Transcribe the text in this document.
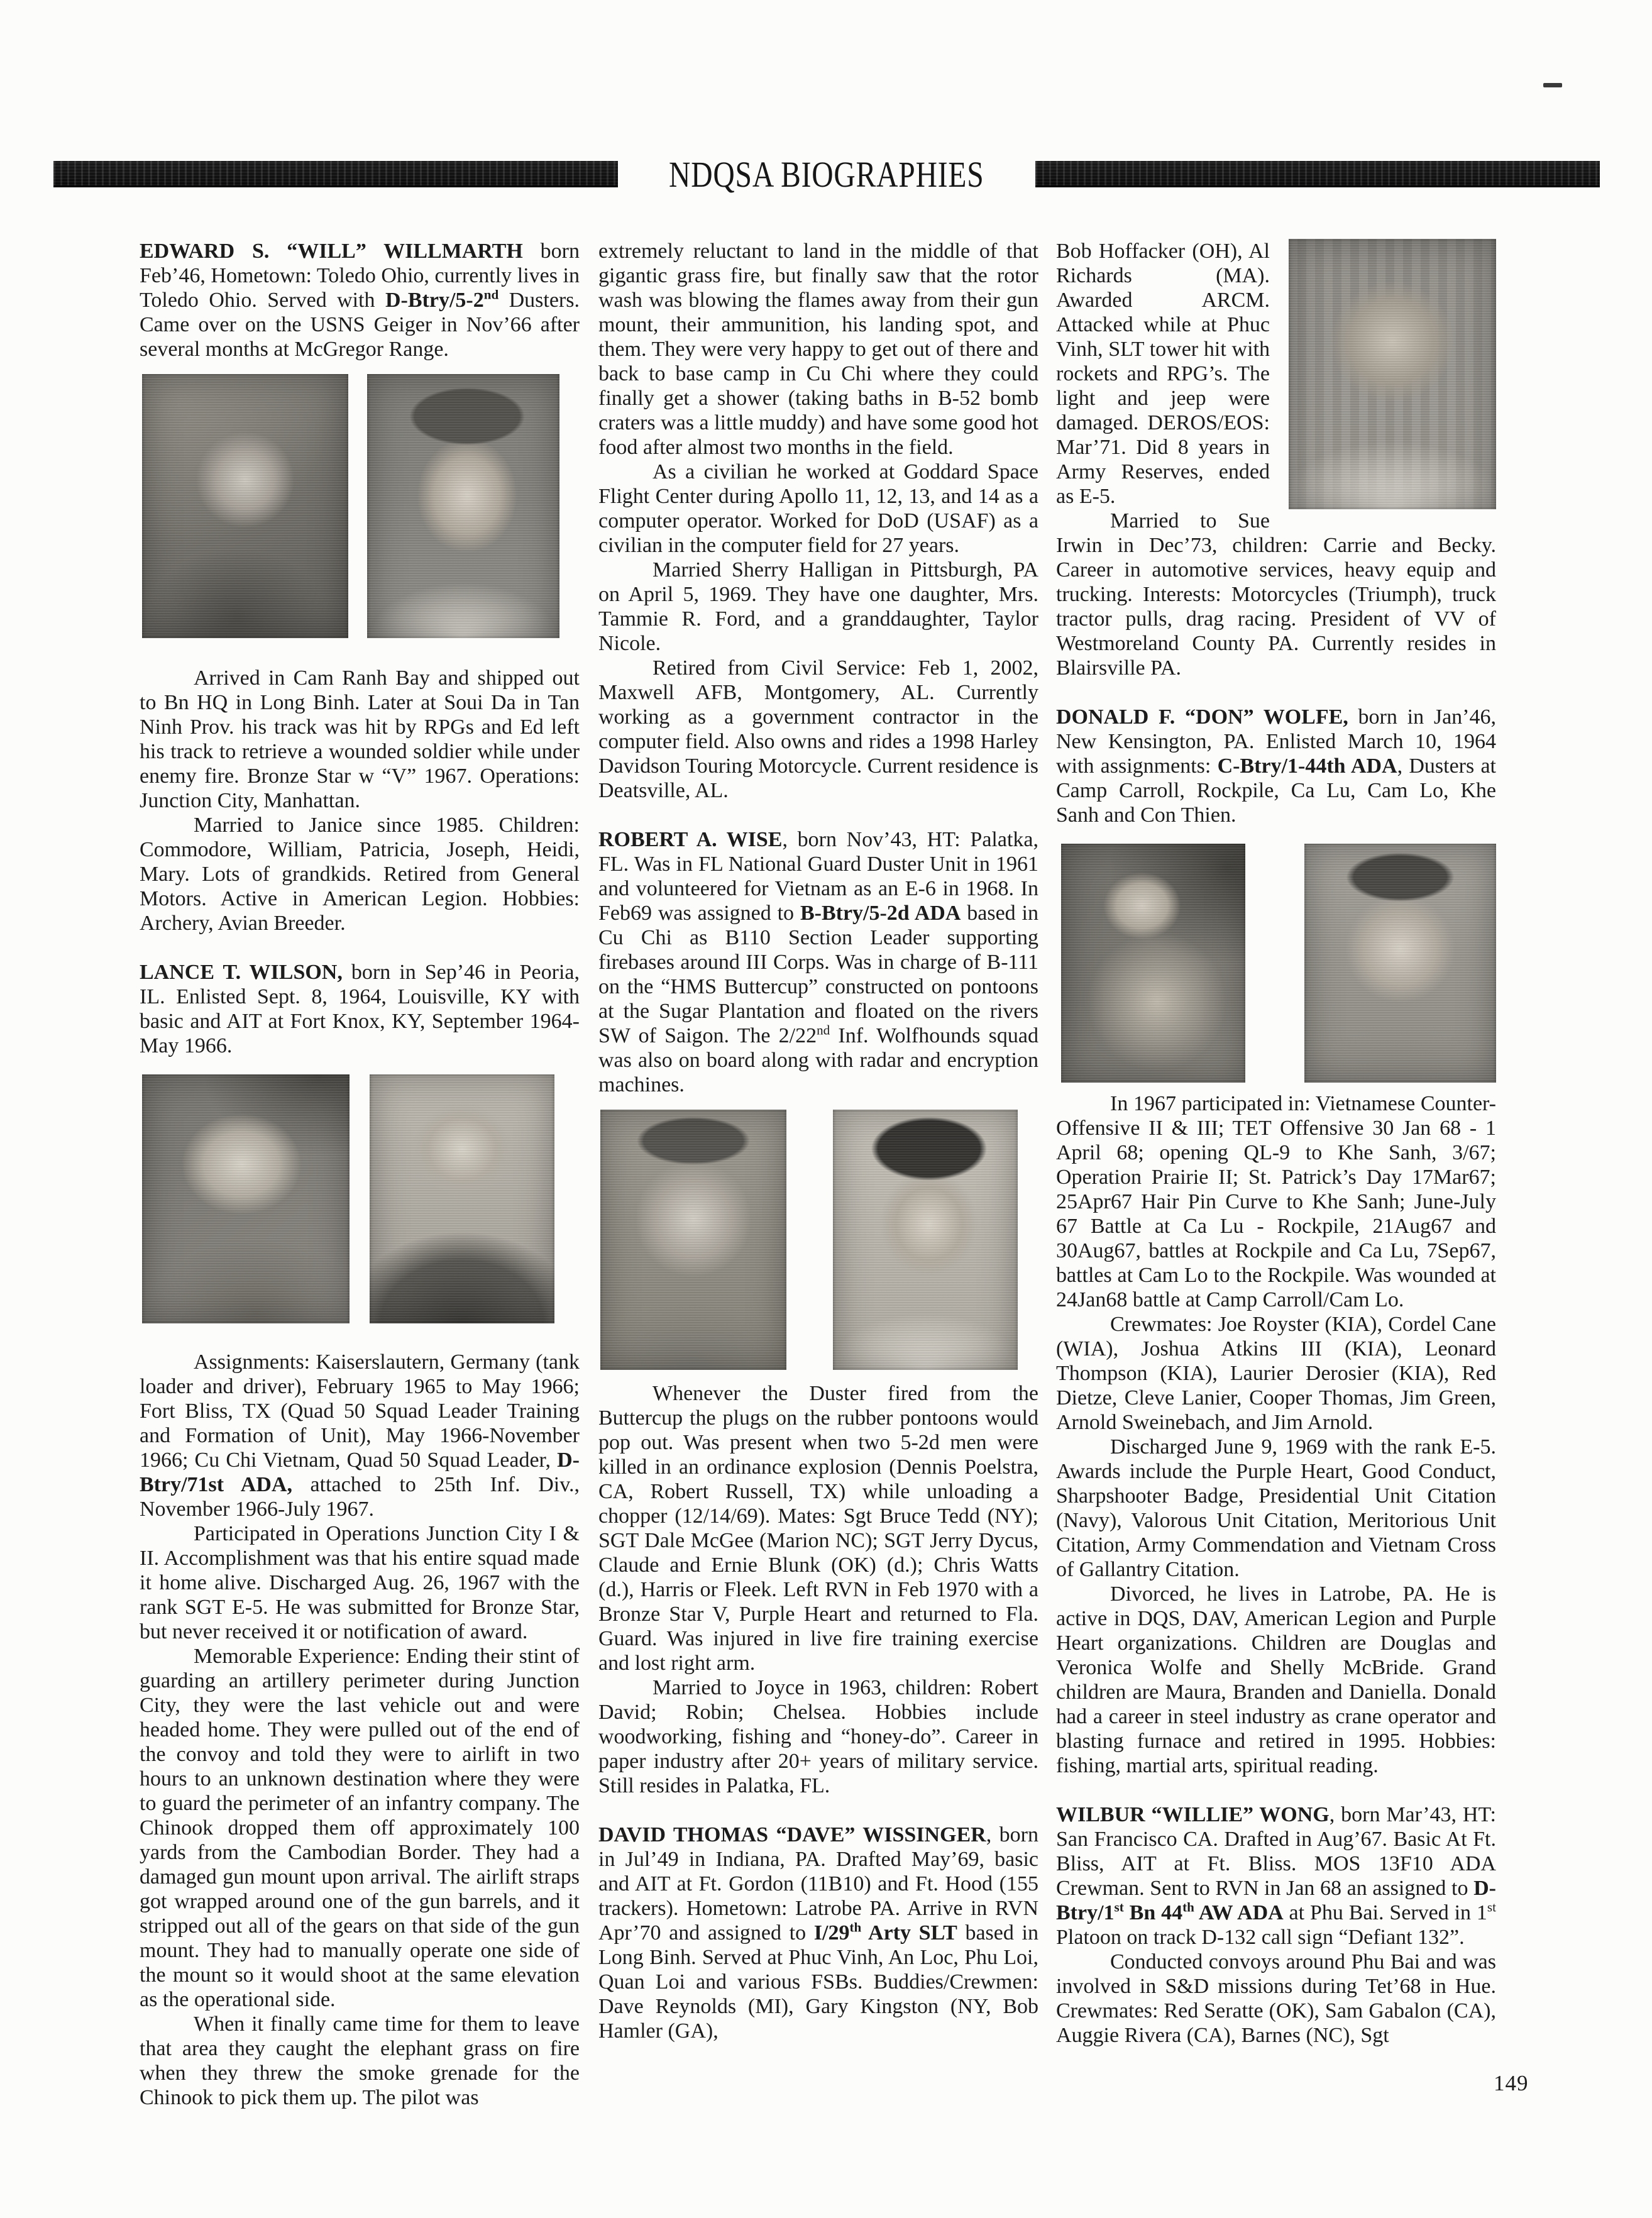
NDQSA BIOGRAPHIES

EDWARD S. “WILL” WILLMARTH born Feb’46, Hometown: Toledo Ohio, currently lives in Toledo Ohio. Served with D-Btry/5-2nd Dusters. Came over on the USNS Geiger in Nov’66 after several months at McGregor Range.

Arrived in Cam Ranh Bay and shipped out to Bn HQ in Long Binh. Later at Soui Da in Tan Ninh Prov. his track was hit by RPGs and Ed left his track to retrieve a wounded soldier while under enemy fire. Bronze Star w “V” 1967. Operations: Junction City, Manhattan.

Married to Janice since 1985. Children: Commodore, William, Patricia, Joseph, Heidi, Mary. Lots of grandkids. Retired from General Motors. Active in American Legion. Hobbies: Archery, Avian Breeder.

LANCE T. WILSON, born in Sep’46 in Peoria, IL. Enlisted Sept. 8, 1964, Louisville, KY with basic and AIT at Fort Knox, KY, September 1964-May 1966.

Assignments: Kaiserslautern, Germany (tank loader and driver), February 1965 to May 1966; Fort Bliss, TX (Quad 50 Squad Leader Training and Formation of Unit), May 1966-November 1966; Cu Chi Vietnam, Quad 50 Squad Leader, D-Btry/71st ADA, attached to 25th Inf. Div., November 1966-July 1967.

Participated in Operations Junction City I & II. Accomplishment was that his entire squad made it home alive. Discharged Aug. 26, 1967 with the rank SGT E-5. He was submitted for Bronze Star, but never received it or notification of award.

Memorable Experience: Ending their stint of guarding an artillery perimeter during Junction City, they were the last vehicle out and were headed home. They were pulled out of the end of the convoy and told they were to airlift in two hours to an unknown destination where they were to guard the perimeter of an infantry company. The Chinook dropped them off approximately 100 yards from the Cambodian Border. They had a damaged gun mount upon arrival. The airlift straps got wrapped around one of the gun barrels, and it stripped out all of the gears on that side of the gun mount. They had to manually operate one side of the mount so it would shoot at the same elevation as the operational side.

When it finally came time for them to leave that area they caught the elephant grass on fire when they threw the smoke grenade for the Chinook to pick them up. The pilot was

extremely reluctant to land in the middle of that gigantic grass fire, but finally saw that the rotor wash was blowing the flames away from their gun mount, their ammunition, his landing spot, and them. They were very happy to get out of there and back to base camp in Cu Chi where they could finally get a shower (taking baths in B-52 bomb craters was a little muddy) and have some good hot food after almost two months in the field.

As a civilian he worked at Goddard Space Flight Center during Apollo 11, 12, 13, and 14 as a computer operator. Worked for DoD (USAF) as a civilian in the computer field for 27 years.

Married Sherry Halligan in Pittsburgh, PA on April 5, 1969. They have one daughter, Mrs. Tammie R. Ford, and a granddaughter, Taylor Nicole.

Retired from Civil Service: Feb 1, 2002, Maxwell AFB, Montgomery, AL. Currently working as a government contractor in the computer field. Also owns and rides a 1998 Harley Davidson Touring Motorcycle. Current residence is Deatsville, AL.

ROBERT A. WISE, born Nov’43, HT: Palatka, FL. Was in FL National Guard Duster Unit in 1961 and volunteered for Vietnam as an E-6 in 1968. In Feb69 was assigned to B-Btry/5-2d ADA based in Cu Chi as B110 Section Leader supporting firebases around III Corps. Was in charge of B-111 on the “HMS Buttercup” constructed on pontoons at the Sugar Plantation and floated on the rivers SW of Saigon. The 2/22nd Inf. Wolfhounds squad was also on board along with radar and encryption machines.

Whenever the Duster fired from the Buttercup the plugs on the rubber pontoons would pop out. Was present when two 5-2d men were killed in an ordinance explosion (Dennis Poelstra, CA, Robert Russell, TX) while unloading a chopper (12/14/69). Mates: Sgt Bruce Tedd (NY); SGT Dale McGee (Marion NC); SGT Jerry Dycus, Claude and Ernie Blunk (OK) (d.); Chris Watts (d.), Harris or Fleek. Left RVN in Feb 1970 with a Bronze Star V, Purple Heart and returned to Fla. Guard. Was injured in live fire training exercise and lost right arm.

Married to Joyce in 1963, children: Robert David; Robin; Chelsea. Hobbies include woodworking, fishing and “honey-do”. Career in paper industry after 20+ years of military service. Still resides in Palatka, FL.

DAVID THOMAS “DAVE” WISSINGER, born in Jul’49 in Indiana, PA. Drafted May’69, basic and AIT at Ft. Gordon (11B10) and Ft. Hood (155 trackers). Hometown: Latrobe PA. Arrive in RVN Apr’70 and assigned to I/29th Arty SLT based in Long Binh. Served at Phuc Vinh, An Loc, Phu Loi, Quan Loi and various FSBs. Buddies/Crewmen: Dave Reynolds (MI), Gary Kingston (NY, Bob Hamler (GA),

Bob Hoffacker (OH), Al Richards (MA). Awarded ARCM. Attacked while at Phuc Vinh, SLT tower hit with rockets and RPG’s. The light and jeep were damaged. DEROS/EOS: Mar’71. Did 8 years in Army Reserves, ended as E-5.

Married to Sue Irwin in Dec’73, children: Carrie and Becky. Career in automotive services, heavy equip and trucking. Interests: Motorcycles (Triumph), truck tractor pulls, drag racing. President of VV of Westmoreland County PA. Currently resides in Blairsville PA.

DONALD F. “DON” WOLFE, born in Jan’46, New Kensington, PA. Enlisted March 10, 1964 with assignments: C-Btry/1-44th ADA, Dusters at Camp Carroll, Rockpile, Ca Lu, Cam Lo, Khe Sanh and Con Thien.

In 1967 participated in: Vietnamese Counter-Offensive II & III; TET Offensive 30 Jan 68 - 1 April 68; opening QL-9 to Khe Sanh, 3/67; Operation Prairie II; St. Patrick’s Day 17Mar67; 25Apr67 Hair Pin Curve to Khe Sanh; June-July 67 Battle at Ca Lu - Rockpile, 21Aug67 and 30Aug67, battles at Rockpile and Ca Lu, 7Sep67, battles at Cam Lo to the Rockpile. Was wounded at 24Jan68 battle at Camp Carroll/Cam Lo.

Crewmates: Joe Royster (KIA), Cordel Cane (WIA), Joshua Atkins III (KIA), Leonard Thompson (KIA), Laurier Derosier (KIA), Red Dietze, Cleve Lanier, Cooper Thomas, Jim Green, Arnold Sweinebach, and Jim Arnold.

Discharged June 9, 1969 with the rank E-5. Awards include the Purple Heart, Good Conduct, Sharpshooter Badge, Presidential Unit Citation (Navy), Valorous Unit Citation, Meritorious Unit Citation, Army Commendation and Vietnam Cross of Gallantry Citation.

Divorced, he lives in Latrobe, PA. He is active in DQS, DAV, American Legion and Purple Heart organizations. Children are Douglas and Veronica Wolfe and Shelly McBride. Grand children are Maura, Branden and Daniella. Donald had a career in steel industry as crane operator and blasting furnace and retired in 1995. Hobbies: fishing, martial arts, spiritual reading.

WILBUR “WILLIE” WONG, born Mar’43, HT: San Francisco CA. Drafted in Aug’67. Basic At Ft. Bliss, AIT at Ft. Bliss. MOS 13F10 ADA Crewman. Sent to RVN in Jan 68 an assigned to D-Btry/1st Bn 44th AW ADA at Phu Bai. Served in 1st Platoon on track D-132 call sign “Defiant 132”.

Conducted convoys around Phu Bai and was involved in S&D missions during Tet’68 in Hue. Crewmates: Red Seratte (OK), Sam Gabalon (CA), Auggie Rivera (CA), Barnes (NC), Sgt

149
